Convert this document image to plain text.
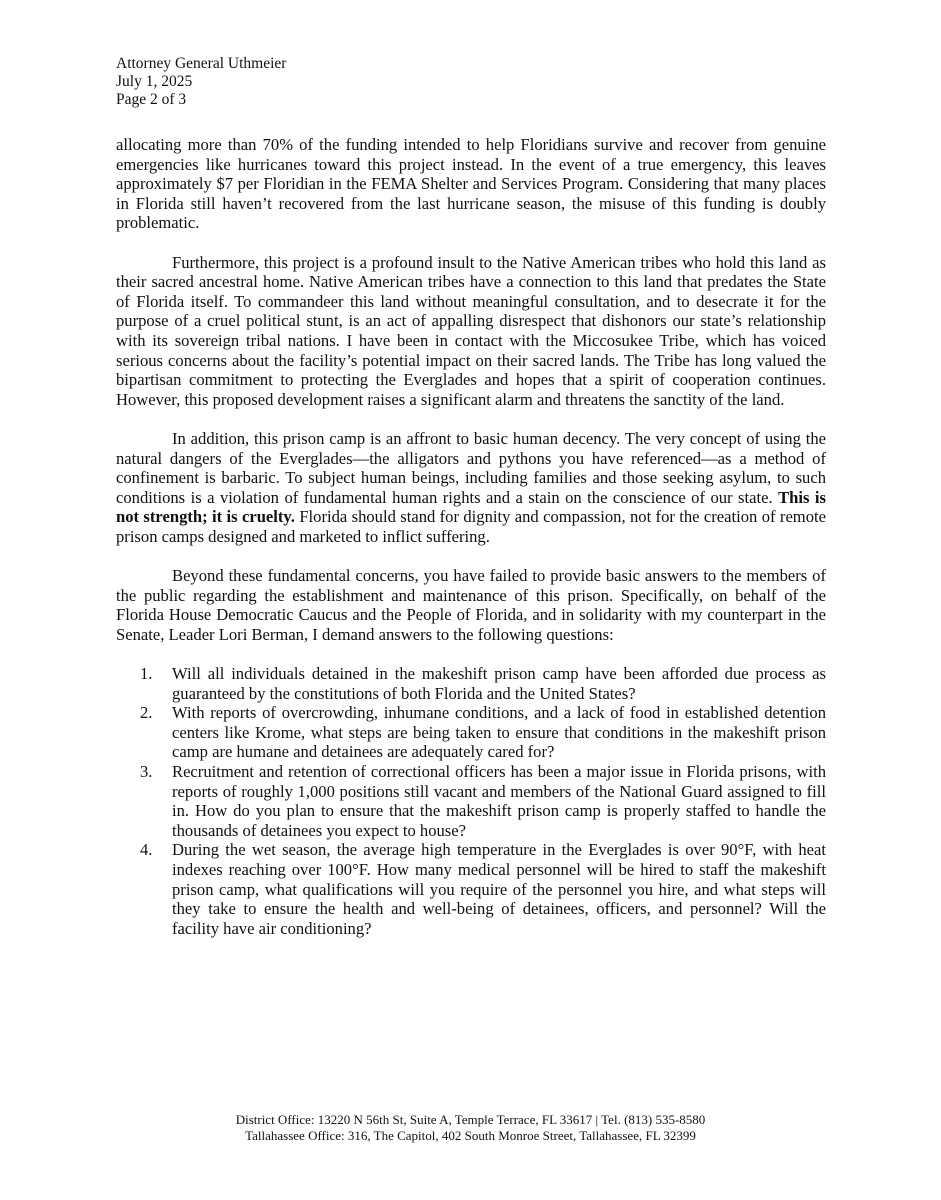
Attorney General Uthmeier
July 1, 2025
Page 2 of 3

allocating more than 70% of the funding intended to help Floridians survive and recover from genuine emergencies like hurricanes toward this project instead. In the event of a true emergency, this leaves approximately $7 per Floridian in the FEMA Shelter and Services Program. Considering that many places in Florida still haven’t recovered from the last hurricane season, the misuse of this funding is doubly problematic.

Furthermore, this project is a profound insult to the Native American tribes who hold this land as their sacred ancestral home. Native American tribes have a connection to this land that predates the State of Florida itself. To commandeer this land without meaningful consultation, and to desecrate it for the purpose of a cruel political stunt, is an act of appalling disrespect that dishonors our state’s relationship with its sovereign tribal nations. I have been in contact with the Miccosukee Tribe, which has voiced serious concerns about the facility’s potential impact on their sacred lands. The Tribe has long valued the bipartisan commitment to protecting the Everglades and hopes that a spirit of cooperation continues. However, this proposed development raises a significant alarm and threatens the sanctity of the land.

In addition, this prison camp is an affront to basic human decency. The very concept of using the natural dangers of the Everglades—the alligators and pythons you have referenced—as a method of confinement is barbaric. To subject human beings, including families and those seeking asylum, to such conditions is a violation of fundamental human rights and a stain on the conscience of our state. This is not strength; it is cruelty. Florida should stand for dignity and compassion, not for the creation of remote prison camps designed and marketed to inflict suffering.

Beyond these fundamental concerns, you have failed to provide basic answers to the members of the public regarding the establishment and maintenance of this prison. Specifically, on behalf of the Florida House Democratic Caucus and the People of Florida, and in solidarity with my counterpart in the Senate, Leader Lori Berman, I demand answers to the following questions:

1. Will all individuals detained in the makeshift prison camp have been afforded due process as guaranteed by the constitutions of both Florida and the United States?
2. With reports of overcrowding, inhumane conditions, and a lack of food in established detention centers like Krome, what steps are being taken to ensure that conditions in the makeshift prison camp are humane and detainees are adequately cared for?
3. Recruitment and retention of correctional officers has been a major issue in Florida prisons, with reports of roughly 1,000 positions still vacant and members of the National Guard assigned to fill in. How do you plan to ensure that the makeshift prison camp is properly staffed to handle the thousands of detainees you expect to house?
4. During the wet season, the average high temperature in the Everglades is over 90°F, with heat indexes reaching over 100°F. How many medical personnel will be hired to staff the makeshift prison camp, what qualifications will you require of the personnel you hire, and what steps will they take to ensure the health and well-being of detainees, officers, and personnel? Will the facility have air conditioning?
District Office: 13220 N 56th St, Suite A, Temple Terrace, FL 33617 | Tel. (813) 535-8580
Tallahassee Office: 316, The Capitol, 402 South Monroe Street, Tallahassee, FL 32399
